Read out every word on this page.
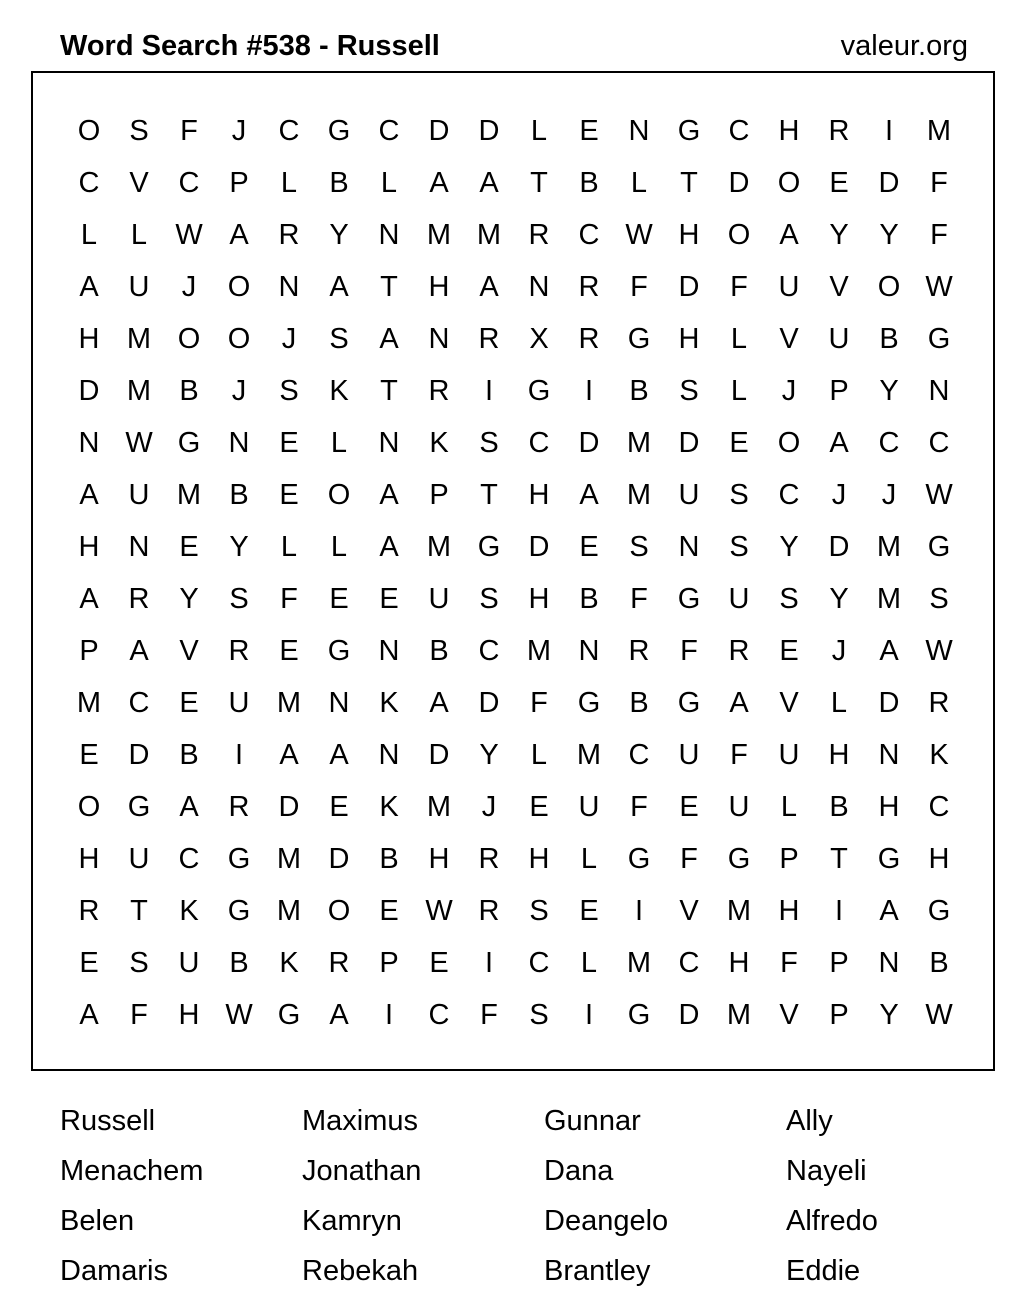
Word Search #538 - Russell	valeur.org
O	S	F	J	C G C	D	D	L	E	N G C	H	R	I	M
C	V	C	P	L	B	L	A	A	T	B	L	T	D O	E	D	F
L	L W A	R	Y	N M M R	C W H O	A	Y	Y	F
A	U	J	O N	A	T	H	A	N	R	F	D	F	U	V	O W
H M O O	J	S	A	N	R	X	R G H	L	V	U	B	G
D M B	J	S	K	T	R	I	G	I	B	S	L	J	P	Y	N
N W G N	E	L	N	K	S	C	D M D	E	O	A	C	C
A	U M B	E	O	A	P	T	H	A M U	S	C	J	J	W
H	N	E	Y	L	L	A M G D	E	S	N	S	Y	D M G
A	R	Y	S	F	E	E	U	S	H	B	F	G U	S	Y M S
P	A	V	R	E	G N	B	C M N	R	F	R	E	J	A W
M C	E	U M N	K	A	D	F	G	B	G	A	V	L	D	R
E	D	B	I	A	A	N	D	Y	L	M C	U	F	U	H	N	K
O G	A	R	D	E	K M	J	E	U	F	E	U	L	B	H	C
H	U	C G M D	B	H	R	H	L	G	F	G	P	T	G H
R	T	K	G M O	E W R	S	E	I	V M H	I	A	G
E	S	U	B	K	R	P	E	I	C	L	M C	H	F	P	N	B
A	F	H W G	A	I	C	F	S	I	G D M V	P	Y W
Russell	Maximus	Gunnar	Ally
Menachem	Jonathan	Dana	Nayeli
Belen	Kamryn	Deangelo	Alfredo
Damaris	Rebekah	Brantley	Eddie
